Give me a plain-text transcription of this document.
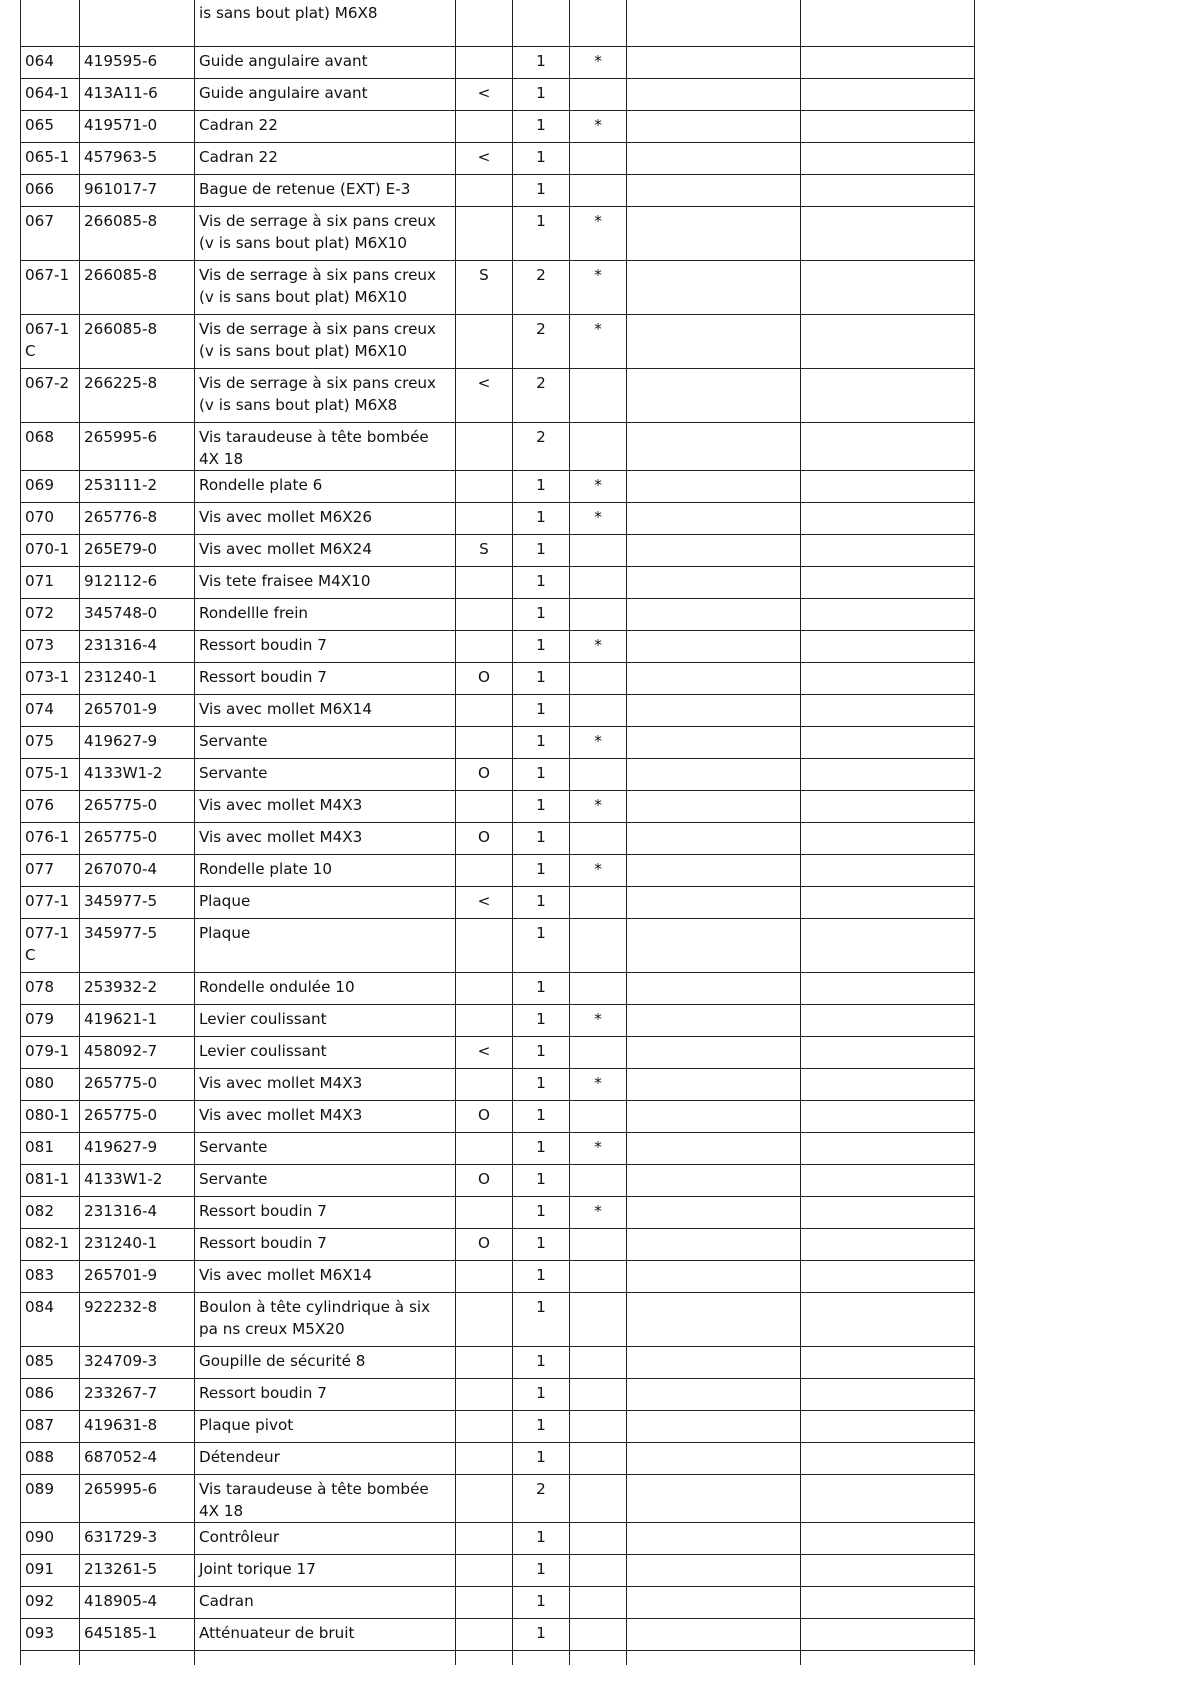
		is sans bout plat) M6X8					
064	419595-6	Guide angulaire avant		1	*		
064-1	413A11-6	Guide angulaire avant	<	1			
065	419571-0	Cadran 22		1	*		
065-1	457963-5	Cadran 22	<	1			
066	961017-7	Bague de retenue (EXT) E-3		1			
067	266085-8	Vis de serrage à six pans creux (v is sans bout plat) M6X10		1	*		
067-1	266085-8	Vis de serrage à six pans creux (v is sans bout plat) M6X10	S	2	*		
067-1 C	266085-8	Vis de serrage à six pans creux (v is sans bout plat) M6X10		2	*		
067-2	266225-8	Vis de serrage à six pans creux (v is sans bout plat) M6X8	<	2			
068	265995-6	Vis taraudeuse à tête bombée 4X 18		2			
069	253111-2	Rondelle plate 6		1	*		
070	265776-8	Vis avec mollet M6X26		1	*		
070-1	265E79-0	Vis avec mollet M6X24	S	1			
071	912112-6	Vis tete fraisee M4X10		1			
072	345748-0	Rondellle frein		1			
073	231316-4	Ressort boudin 7		1	*		
073-1	231240-1	Ressort boudin 7	O	1			
074	265701-9	Vis avec mollet M6X14		1			
075	419627-9	Servante		1	*		
075-1	4133W1-2	Servante	O	1			
076	265775-0	Vis avec mollet M4X3		1	*		
076-1	265775-0	Vis avec mollet M4X3	O	1			
077	267070-4	Rondelle plate 10		1	*		
077-1	345977-5	Plaque	<	1			
077-1 C	345977-5	Plaque		1			
078	253932-2	Rondelle ondulée 10		1			
079	419621-1	Levier coulissant		1	*		
079-1	458092-7	Levier coulissant	<	1			
080	265775-0	Vis avec mollet M4X3		1	*		
080-1	265775-0	Vis avec mollet M4X3	O	1			
081	419627-9	Servante		1	*		
081-1	4133W1-2	Servante	O	1			
082	231316-4	Ressort boudin 7		1	*		
082-1	231240-1	Ressort boudin 7	O	1			
083	265701-9	Vis avec mollet M6X14		1			
084	922232-8	Boulon à tête cylindrique à six pa ns creux M5X20		1			
085	324709-3	Goupille de sécurité 8		1			
086	233267-7	Ressort boudin 7		1			
087	419631-8	Plaque pivot		1			
088	687052-4	Détendeur		1			
089	265995-6	Vis taraudeuse à tête bombée 4X 18		2			
090	631729-3	Contrôleur		1			
091	213261-5	Joint torique 17		1			
092	418905-4	Cadran		1			
093	645185-1	Atténuateur de bruit		1			
